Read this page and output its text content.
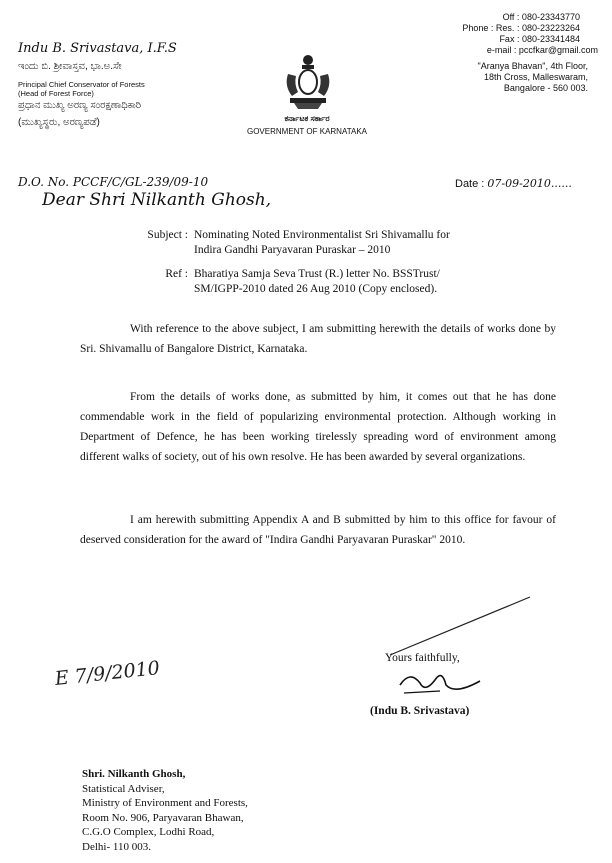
Indu B. Srivastava, I.F.S
ಇಂದು ಬಿ. ಶ್ರೀವಾಸ್ತವ, ಭಾ.ಅ.ಸೇ
Principal Chief Conservator of Forests
(Head of Forest Force)
ಪ್ರಧಾನ ಮುಖ್ಯ ಅರಣ್ಯ ಸಂರಕ್ಷಣಾಧಿಕಾರಿ
(ಮುಖ್ಯಸ್ಥರು, ಅರಣ್ಯಪಡೆ)	ಕರ್ನಾಟಕ ಸರ್ಕಾರ
GOVERNMENT OF KARNATAKA
Off : 080-23343770
Phone : Res. : 080-23223264
Fax : 080-23341484
e-mail : pccfkar@gmail.com
"Aranya Bhavan", 4th Floor,
18th Cross, Malleswaram,
Bangalore - 560 003.
D.O. No. PCCF/C/GL-239/09-10
Dear Shri Nilkanth Ghosh,
Date : 07-09-2010......
Subject : Nominating Noted Environmentalist Sri Shivamallu for
Indira Gandhi Paryavaran Puraskar – 2010
Ref : Bharatiya Samja Seva Trust (R.) letter No. BSSTrust/
SM/IGPP-2010 dated 26 Aug 2010 (Copy enclosed).
With reference to the above subject, I am submitting herewith the details of works done by Sri. Shivamallu of Bangalore District, Karnataka.
From the details of works done, as submitted by him, it comes out that he has done commendable work in the field of popularizing environmental protection. Although working in Department of Defence, he has been working tirelessly spreading word of environment among different walks of society, out of his own resolve. He has been awarded by several organizations.
I am herewith submitting Appendix A and B submitted by him to this office for favour of deserved consideration for the award of "Indira Gandhi Paryavaran Puraskar" 2010.
Yours faithfully,
(Indu B. Srivastava)
E 7/9/2010
Shri. Nilkanth Ghosh,
Statistical Adviser,
Ministry of Environment and Forests,
Room No. 906, Paryavaran Bhawan,
C.G.O Complex, Lodhi Road,
Delhi- 110 003.
